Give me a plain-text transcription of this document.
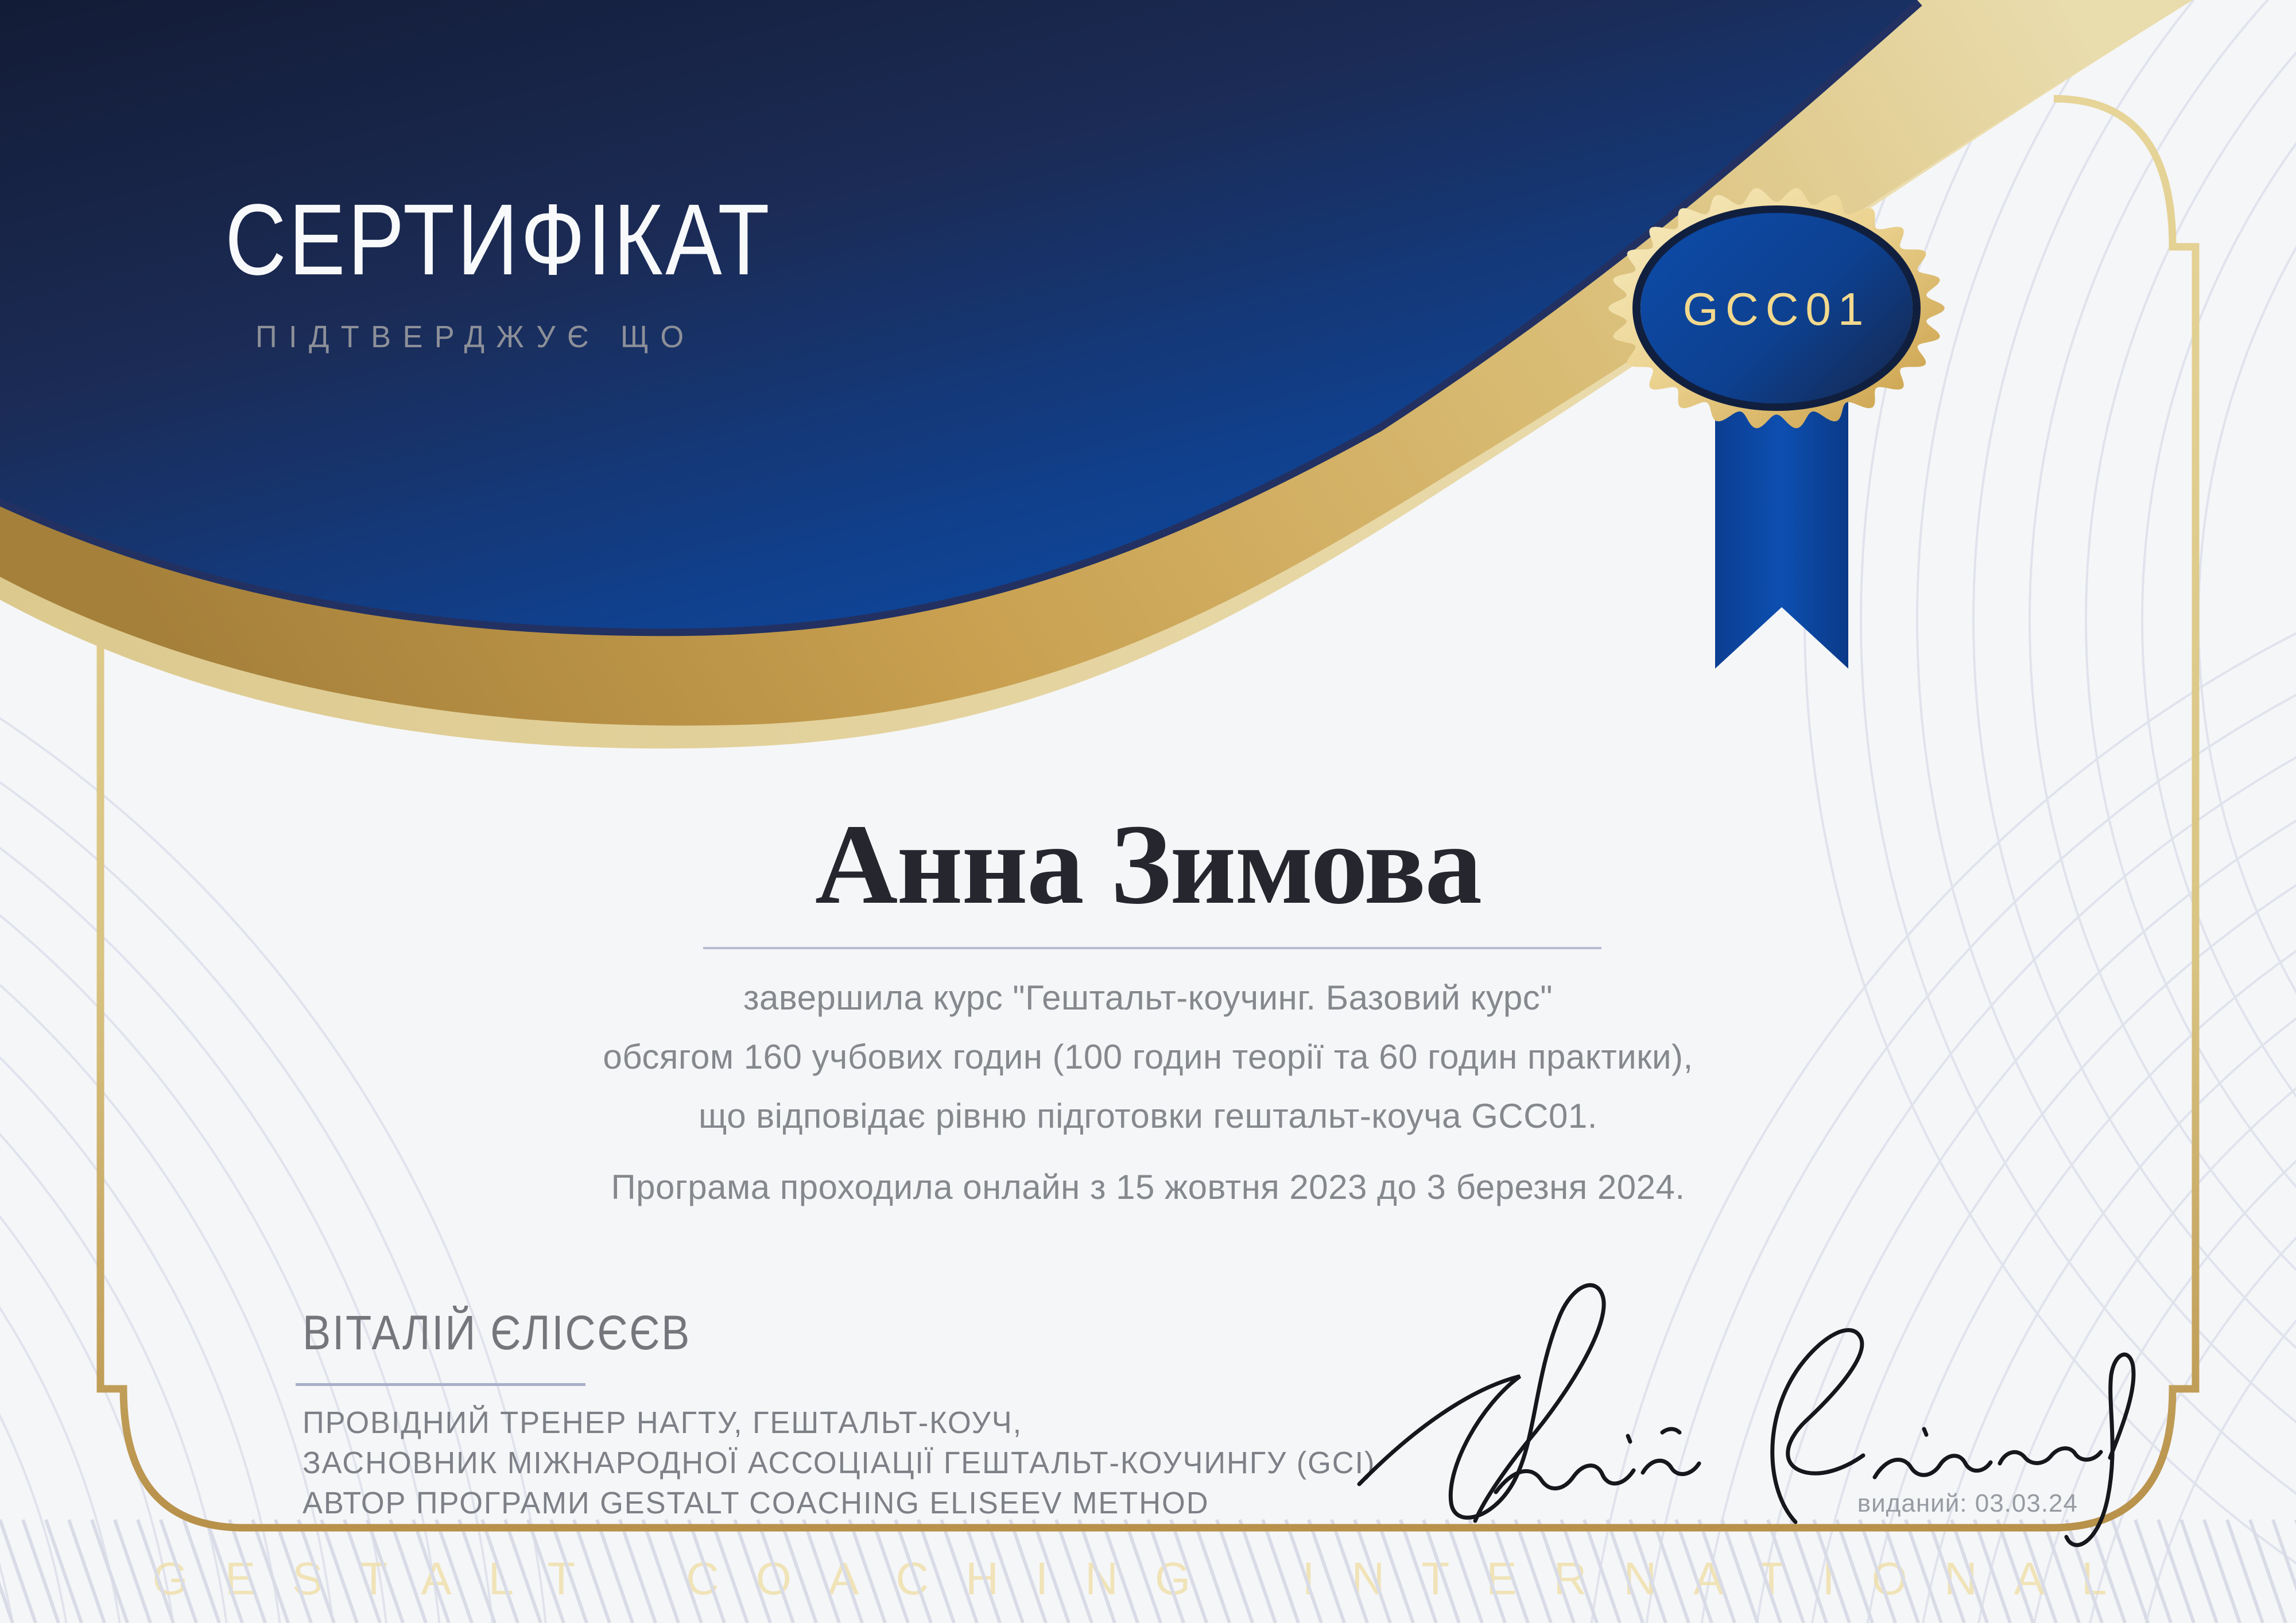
GESTALT COACHING INTERNATIONAL
GCC01
СЕРТИФІКАТ
ПІДТВЕРДЖУЄ ЩО
Анна Зимова
завершила курс "Гештальт-коучинг. Базовий курс"
обсягом 160 учбових годин (100 годин теорії та 60 годин практики),
що відповідає рівню підготовки гештальт-коуча GCC01.
Програма проходила онлайн з 15 жовтня 2023 до 3 березня 2024.
ВІТАЛІЙ ЄЛІСЄЄВ
ПРОВІДНИЙ ТРЕНЕР НАГТУ, ГЕШТАЛЬТ-КОУЧ,
ЗАСНОВНИК МІЖНАРОДНОЇ АССОЦІАЦІЇ ГЕШТАЛЬТ-КОУЧИНГУ (GCI)
АВТОР ПРОГРАМИ GESTALT COACHING ELISEEV METHOD	виданий: 03.03.24
